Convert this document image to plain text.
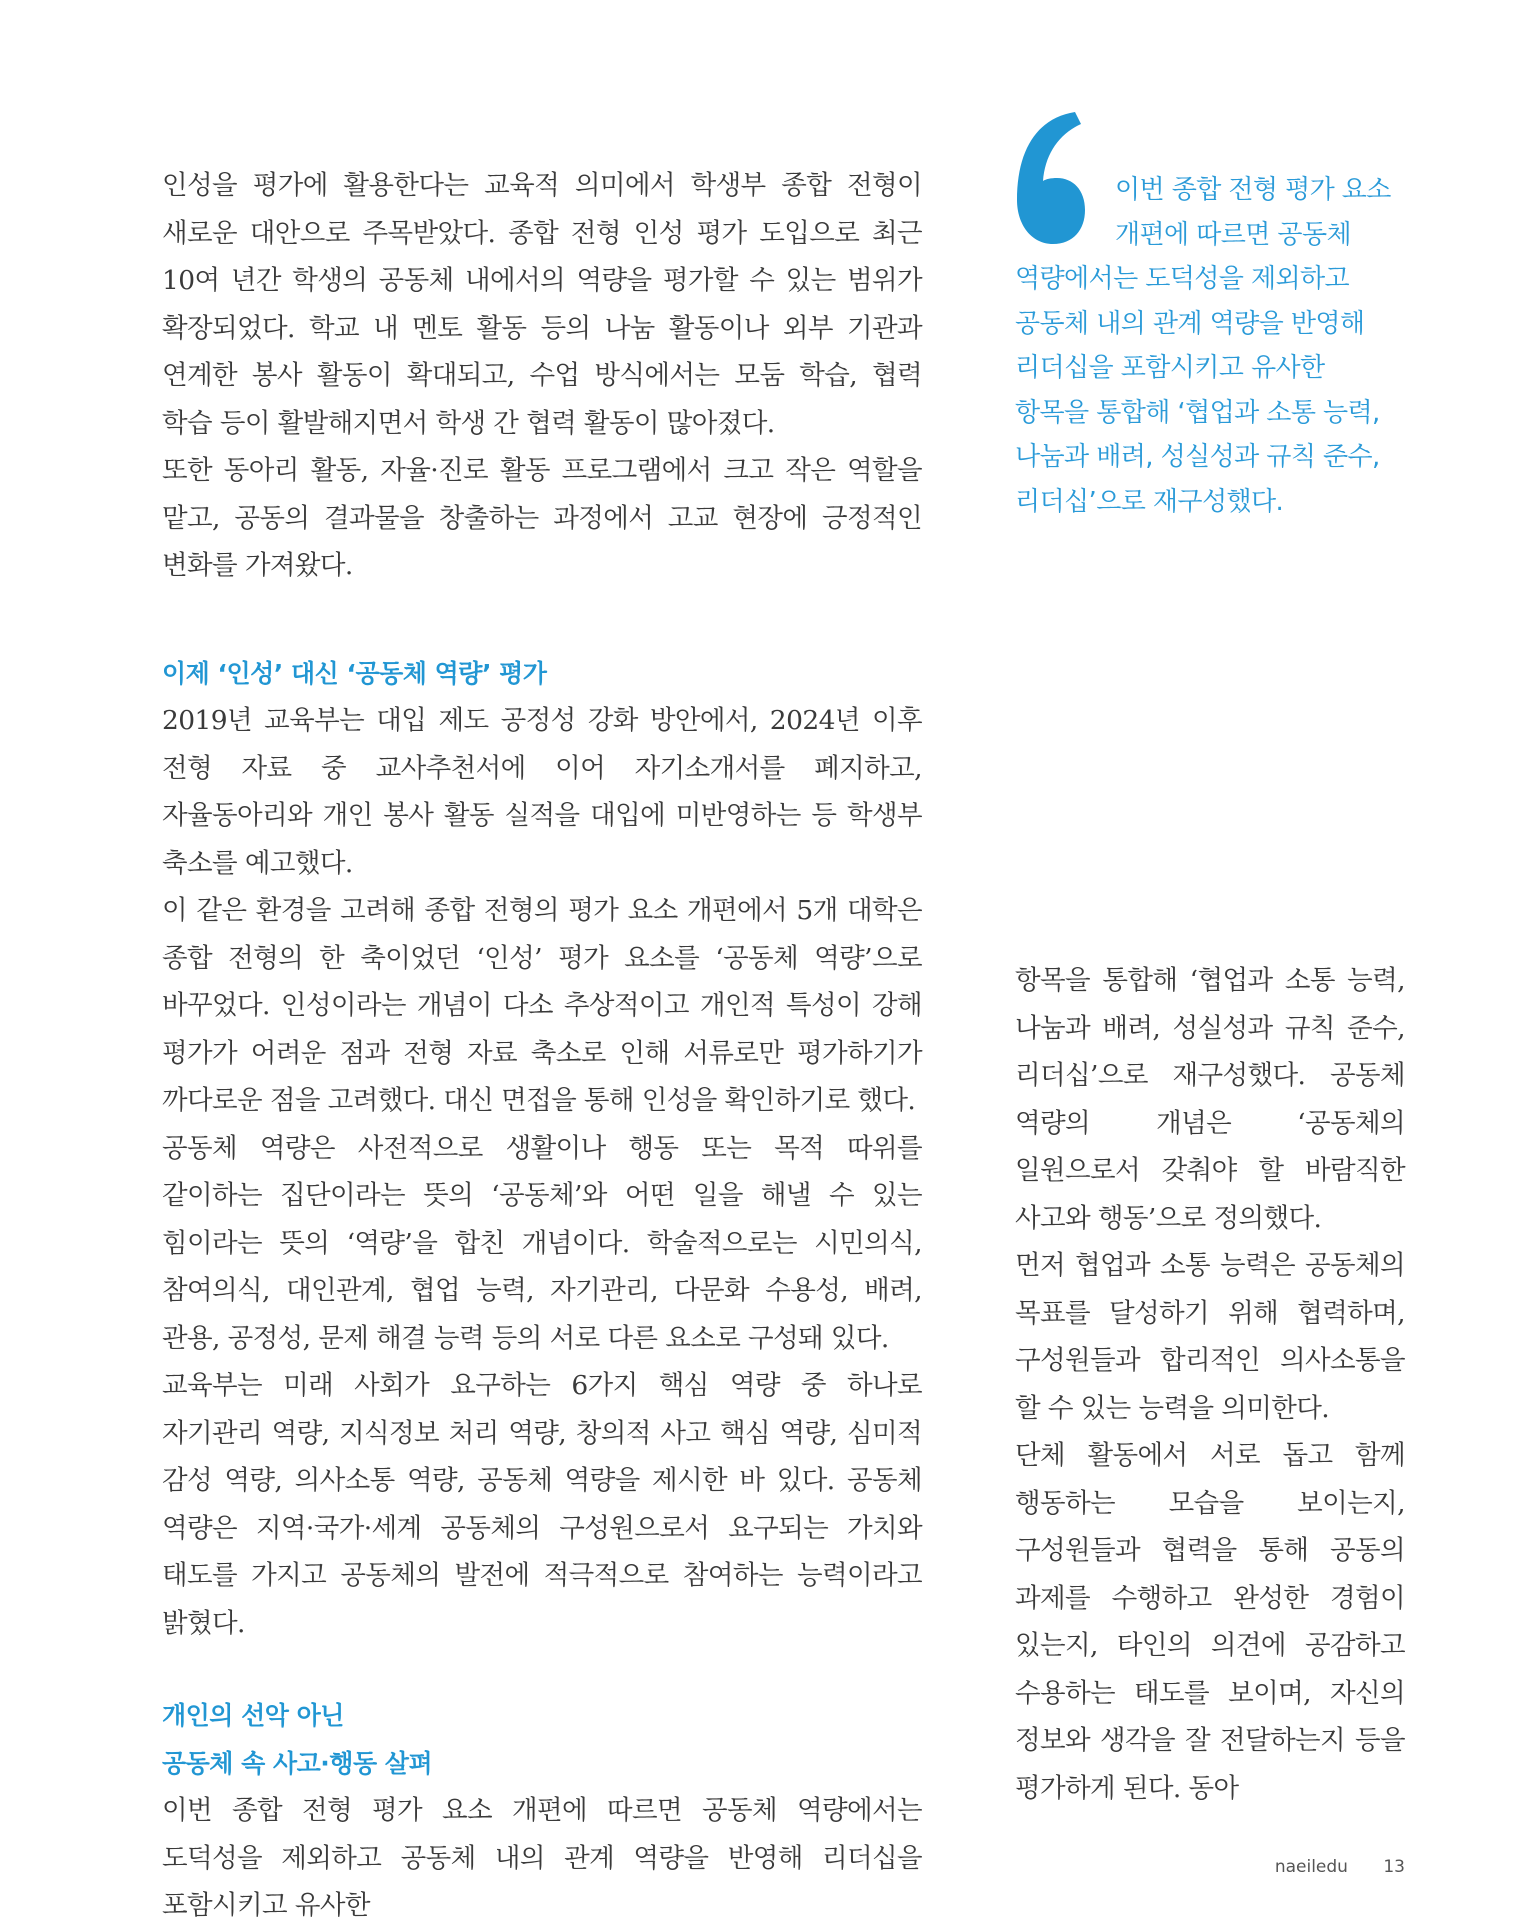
인성을 평가에 활용한다는 교육적 의미에서 학생부 종합 전형이 새로운 대안으로 주목받았다. 종합 전형 인성 평가 도입으로 최근 10여 년간 학생의 공동체 내에서의 역량을 평가할 수 있는 범위가 확장되었다. 학교 내 멘토 활동 등의 나눔 활동이나 외부 기관과 연계한 봉사 활동이 확대되고, 수업 방식에서는 모둠 학습, 협력 학습 등이 활발해지면서 학생 간 협력 활동이 많아졌다.

또한 동아리 활동, 자율·진로 활동 프로그램에서 크고 작은 역할을 맡고, 공동의 결과물을 창출하는 과정에서 고교 현장에 긍정적인 변화를 가져왔다.

이제 ‘인성’ 대신 ‘공동체 역량’ 평가

2019년 교육부는 대입 제도 공정성 강화 방안에서, 2024년 이후 전형 자료 중 교사추천서에 이어 자기소개서를 폐지하고, 자율동아리와 개인 봉사 활동 실적을 대입에 미반영하는 등 학생부 축소를 예고했다.

이 같은 환경을 고려해 종합 전형의 평가 요소 개편에서 5개 대학은 종합 전형의 한 축이었던 ‘인성’ 평가 요소를 ‘공동체 역량’으로 바꾸었다. 인성이라는 개념이 다소 추상적이고 개인적 특성이 강해 평가가 어려운 점과 전형 자료 축소로 인해 서류로만 평가하기가 까다로운 점을 고려했다. 대신 면접을 통해 인성을 확인하기로 했다.

공동체 역량은 사전적으로 생활이나 행동 또는 목적 따위를 같이하는 집단이라는 뜻의 ‘공동체’와 어떤 일을 해낼 수 있는 힘이라는 뜻의 ‘역량’을 합친 개념이다. 학술적으로는 시민의식, 참여의식, 대인관계, 협업 능력, 자기관리, 다문화 수용성, 배려, 관용, 공정성, 문제 해결 능력 등의 서로 다른 요소로 구성돼 있다.

교육부는 미래 사회가 요구하는 6가지 핵심 역량 중 하나로 자기관리 역량, 지식정보 처리 역량, 창의적 사고 핵심 역량, 심미적 감성 역량, 의사소통 역량, 공동체 역량을 제시한 바 있다. 공동체 역량은 지역·국가·세계 공동체의 구성원으로서 요구되는 가치와 태도를 가지고 공동체의 발전에 적극적으로 참여하는 능력이라고 밝혔다.

개인의 선악 아닌
공동체 속 사고·행동 살펴

이번 종합 전형 평가 요소 개편에 따르면 공동체 역량에서는 도덕성을 제외하고 공동체 내의 관계 역량을 반영해 리더십을 포함시키고 유사한

이번 종합 전형 평가 요소

개편에 따르면 공동체

역량에서는 도덕성을 제외하고

공동체 내의 관계 역량을 반영해

리더십을 포함시키고 유사한

항목을 통합해 ‘협업과 소통 능력,

나눔과 배려, 성실성과 규칙 준수,

리더십’으로 재구성했다.

항목을 통합해 ‘협업과 소통 능력, 나눔과 배려, 성실성과 규칙 준수, 리더십’으로 재구성했다. 공동체 역량의 개념은 ‘공동체의 일원으로서 갖춰야 할 바람직한 사고와 행동’으로 정의했다.

먼저 협업과 소통 능력은 공동체의 목표를 달성하기 위해 협력하며, 구성원들과 합리적인 의사소통을 할 수 있는 능력을 의미한다.

단체 활동에서 서로 돕고 함께 행동하는 모습을 보이는지, 구성원들과 협력을 통해 공동의 과제를 수행하고 완성한 경험이 있는지, 타인의 의견에 공감하고 수용하는 태도를 보이며, 자신의 정보와 생각을 잘 전달하는지 등을 평가하게 된다. 동아

naeiledu 13
